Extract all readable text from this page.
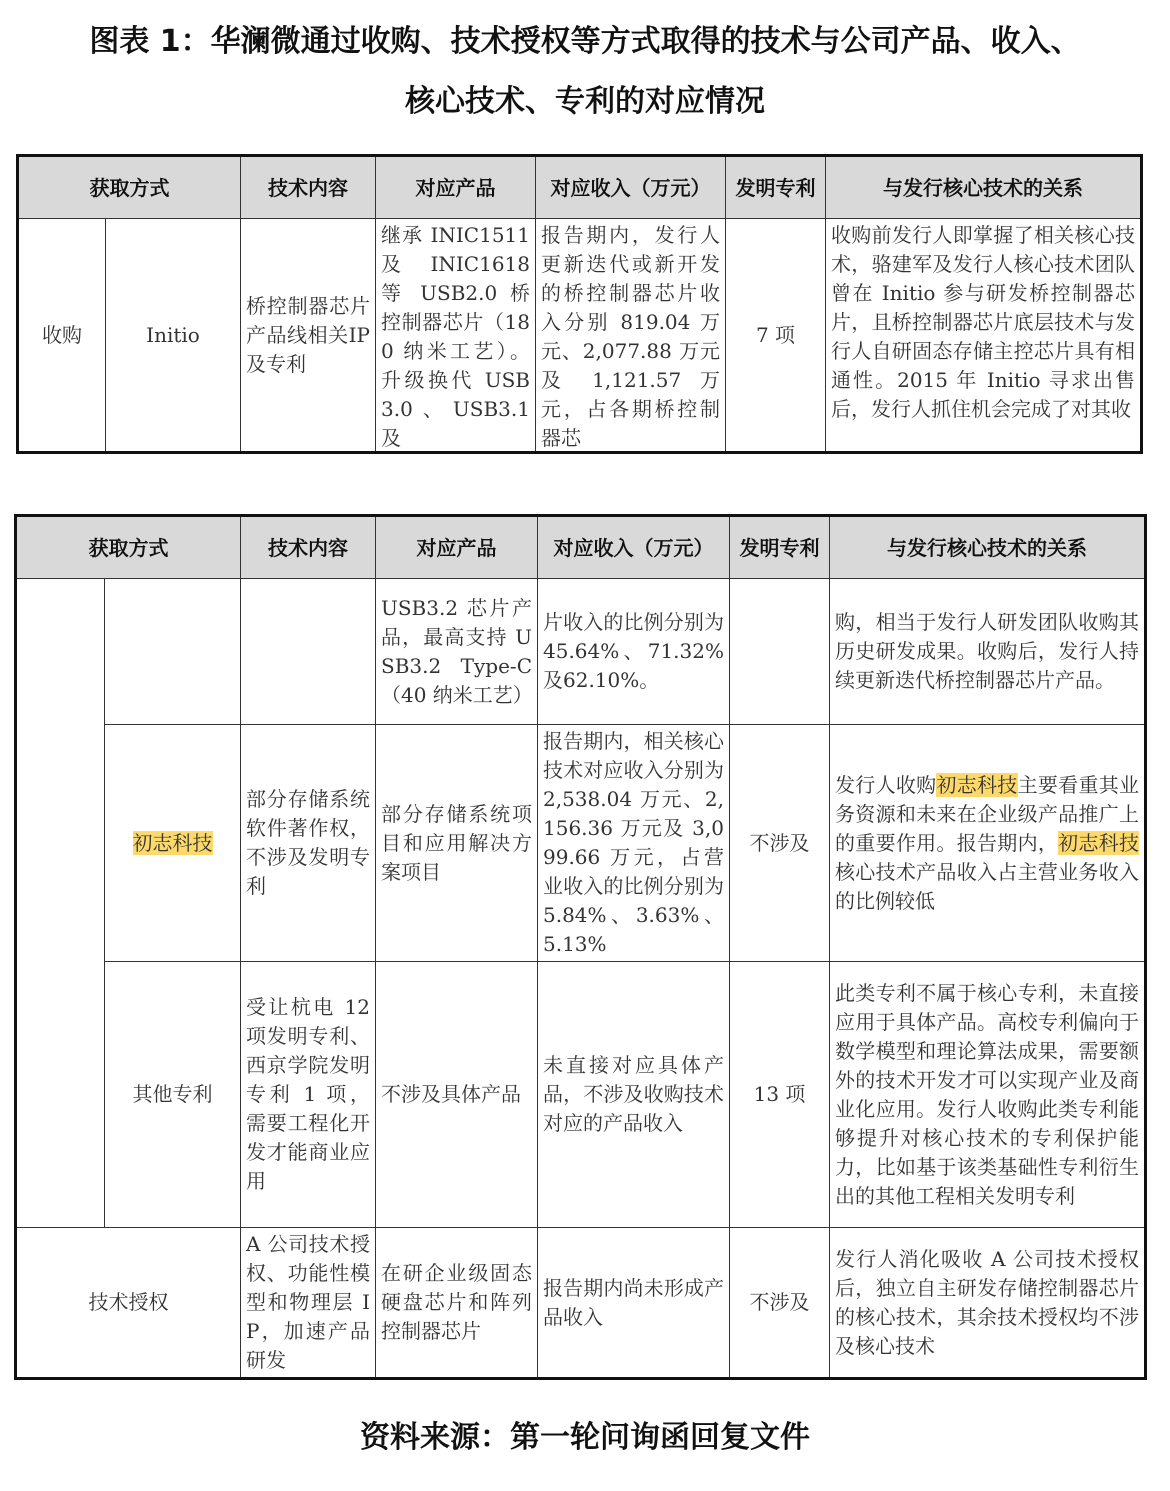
图表 1：华澜微通过收购、技术授权等方式取得的技术与公司产品、收入、
核心技术、专利的对应情况
获取方式		技术内容	对应产品	对应收入（万元）	发明专利	与发行核心技术的关系
收购	Initio	桥控制器芯片产品线相关IP及专利	继承 INIC1511 及 INIC1618 等 USB2.0 桥控制器芯片（180 纳米工艺）。升级换代 USB3.0、USB3.1 及	报告期内，发行人更新迭代或新开发的桥控制器芯片收入分别 819.04 万元、2,077.88 万元及 1,121.57 万元，占各期桥控制器芯	7 项	收购前发行人即掌握了相关核心技术，骆建军及发行人核心技术团队曾在 Initio 参与研发桥控制器芯片，且桥控制器芯片底层技术与发行人自研固态存储主控芯片具有相通性。2015 年 Initio 寻求出售后，发行人抓住机会完成了对其收
获取方式		技术内容	对应产品	对应收入（万元）	发明专利	与发行核心技术的关系
			USB3.2 芯片产品，最高支持 USB3.2 Type-C（40 纳米工艺）	片收入的比例分别为 45.64%、71.32%及62.10%。		购，相当于发行人研发团队收购其历史研发成果。收购后，发行人持续更新迭代桥控制器芯片产品。
	初志科技	部分存储系统软件著作权，不涉及发明专利	部分存储系统项目和应用解决方案项目	报告期内，相关核心技术对应收入分别为2,538.04 万元、2,156.36 万元及 3,099.66 万元，占营业收入的比例分别为 5.84%、3.63%、5.13%	不涉及	发行人收购初志科技主要看重其业务资源和未来在企业级产品推广上的重要作用。报告期内，初志科技核心技术产品收入占主营业务收入的比例较低
	其他专利	受让杭电 12 项发明专利、西京学院发明专利 1 项，需要工程化开发才能商业应用	不涉及具体产品	未直接对应具体产品，不涉及收购技术对应的产品收入	13 项	此类专利不属于核心专利，未直接应用于具体产品。高校专利偏向于数学模型和理论算法成果，需要额外的技术开发才可以实现产业及商业化应用。发行人收购此类专利能够提升对核心技术的专利保护能力，比如基于该类基础性专利衍生出的其他工程相关发明专利
技术授权		A 公司技术授权、功能性模型和物理层 IP，加速产品研发	在研企业级固态硬盘芯片和阵列控制器芯片	报告期内尚未形成产品收入	不涉及	发行人消化吸收 A 公司技术授权后，独立自主研发存储控制器芯片的核心技术，其余技术授权均不涉及核心技术
资料来源：第一轮问询函回复文件
